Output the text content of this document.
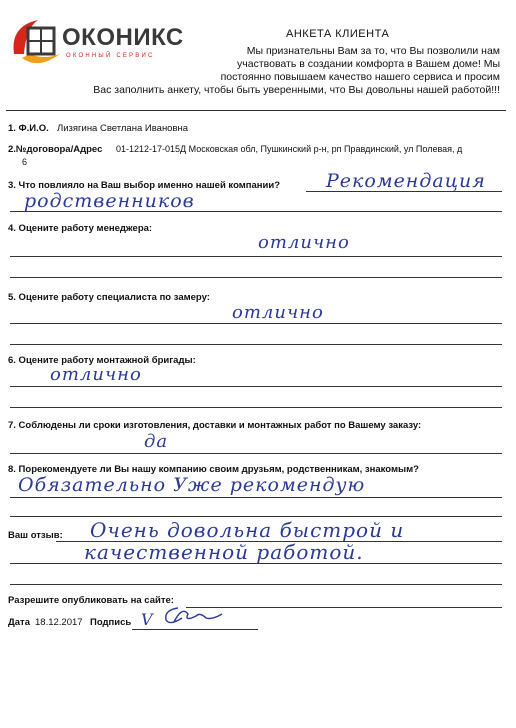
ОКОНИКС
ОКОННЫЙ СЕРВИС
АНКЕТА КЛИЕНТА
Мы признательны Вам за то, что Вы позволили нам
участвовать в создании комфорта в Вашем доме! Мы
постоянно повышаем качество нашего сервиса и просим
Вас заполнить анкету, чтобы быть уверенными, что Вы довольны нашей работой!!!
1. Ф.И.О. Лизягина Светлана Ивановна
2.№договора/Адрес 01-1212-17-015Д Московская обл, Пушкинский р-н, рп Правдинский, ул Полевая, д
6
3. Что повлияло на Ваш выбор именно нашей компании? Рекомендация
родственников
4. Оцените работу менеджера:
отлично
5. Оцените работу специалиста по замеру:
отлично
6. Оцените работу монтажной бригады:
отлично
7. Соблюдены ли сроки изготовления, доставки и монтажных работ по Вашему заказу:
да
8. Порекомендуете ли Вы нашу компанию своим друзьям, родственникам, знакомым?
Обязательно Уже рекомендую
Ваш отзыв: Очень довольна быстрой и
качественной работой.
Разрешите опубликовать на сайте:
Дата 18.12.2017 Подпись V
